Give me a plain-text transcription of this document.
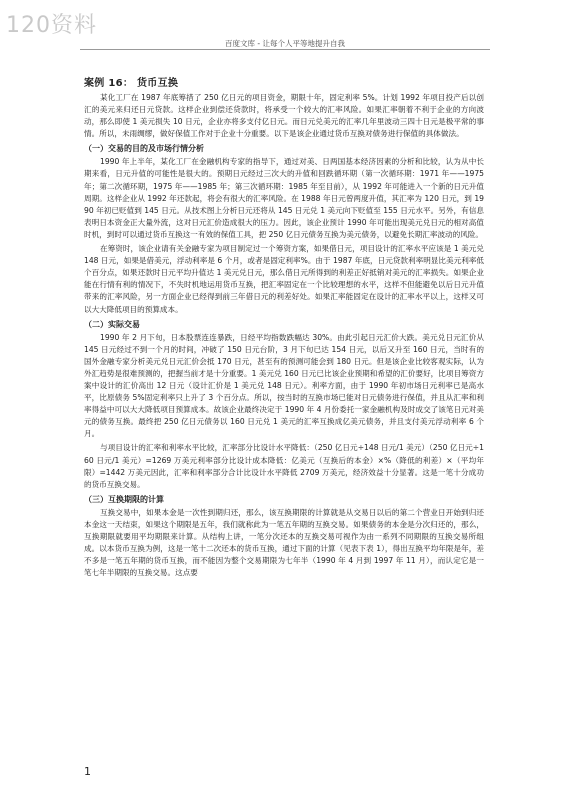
120资料
百度文库 - 让每个人平等地提升自我
案例 16： 货币互换

某化工厂在 1987 年底筹措了 250 亿日元的项目资金，期限十年，固定利率 5%。计划 1992 年项目投产后以创汇的美元来归还日元贷款。这样企业到偿还贷款时，将承受一个较大的汇率风险。如果汇率朝着不利于企业的方向波动，那么即使 1 美元损失 10 日元，企业亦将多支付亿日元。而日元兑美元的汇率几年里波动三四十日元是极平常的事情。所以，未雨绸缪，做好保值工作对于企业十分重要。以下是该企业通过货币互换对债务进行保值的具体做法。

（一）交易的目的及市场行情分析

1990 年上半年，某化工厂在金融机构专家的指导下，通过对美、日两国基本经济因素的分析和比较，认为从中长期来看，日元升值的可能性是很大的。预期日元经过三次大的升值和回跌循环期（第一次循环期：1971 年——1975 年；第二次循环期，1975 年——1985 年；第三次循环期：1985 年至目前），从 1992 年可能进入一个新的日元升值周期。这样企业从 1992 年还款起，将会有很大的汇率风险。在 1988 年日元曾两度升值，其汇率为 120 日元，到 1990 年初已贬值到 145 日元。从技术图上分析日元还将从 145 日元兑 1 美元向下贬值至 155 日元水平。另外，有信息表明日本资金正大量外流，这对日元汇价造成很大的压力。因此，该企业预计 1990 年可能出现美元兑日元的相对高值时机，到时可以通过货币互换这一有效的保值工具，把 250 亿日元债务互换为美元债务，以避免长期汇率波动的风险。

在筹资时，该企业请有关金融专家为项目制定过一个筹资方案，如果借日元，项目设计的汇率水平应该是 1 美元兑 148 日元，如果是借美元，浮动利率是 6 个月，或者是固定利率%。由于 1987 年底，日元贷款利率明显比美元利率低个百分点，如果还款时日元平均升值达 1 美元兑日元，那么借日元所得到的利差正好抵销对美元的汇率损失。如果企业能在行情有利的情况下，不失时机地运用货币互换，把汇率固定在一个比较理想的水平，这样不但能避免以后日元升值带来的汇率风险，另一方面企业已经得到前三年借日元的利差好处。如果汇率能固定在设计的汇率水平以上，这样又可以大大降低项目的预算成本。

（二）实际交易

1990 年 2 月下旬，日本股票连连暴跌，日经平均指数跌幅达 30%。由此引起日元汇价大跌。美元兑日元汇价从 145 日元经过不到一个月的时间，冲破了 150 日元台阶，3 月下旬已达 154 日元，以后又升至 160 日元，当时有的国外金融专家分析美元兑日元汇价会抵 170 日元，甚至有的预测可能会到 180 日元。但是该企业比较客观实际，认为外汇趋势是很难预测的，把握当前才是十分重要。1 美元兑 160 日元已比该企业预期和希望的汇价要好，比项目筹资方案中设计的汇价高出 12 日元（设计汇价是 1 美元兑 148 日元）。利率方面，由于 1990 年初市场日元利率已是高水平，比原债务 5%固定利率只上升了 3 个百分点。所以，按当时的互换市场已能对日元债务进行保值，并且从汇率和利率得益中可以大大降低项目预算成本。故该企业最终决定于 1990 年 4 月份委托一家金融机构及时成交了该笔日元对美元的债务互换。最终把 250 亿日元债务以 160 日元兑 1 美元的汇率互换成亿美元债务，并且支付美元浮动利率 6 个月。

与项目设计的汇率和利率水平比较，汇率部分比设计水平降低：（250 亿日元÷148 日元/1 美元）（250 亿日元÷160 日元/1 美元）=1269 万美元利率部分比设计成本降低：亿美元（互换后的本金）×%（降低的利差）×（平均年限）=1442 万美元因此，汇率和利率部分合计比设计水平降低 2709 万美元，经济效益十分显著。这是一笔十分成功的货币互换交易。

（三）互换期限的计算

互换交易中，如果本金是一次性到期归还，那么，该互换期限的计算就是从交易日以后的第二个营业日开始到归还本金这一天结束，如果这个期限是五年，我们就称此为一笔五年期的互换交易。如果债务的本金是分次归还的，那么，互换期限就要用平均期限来计算。从结构上讲，一笔分次还本的互换交易可视作为由一系列不同期限的互换交易所组成。以本货币互换为例，这是一笔十二次还本的货币互换，通过下面的计算（见表下表 1），得出互换平均年限是年，差不多是一笔五年期的货币互换，而不能因为整个交易期限为七年半（1990 年 4 月到 1997 年 11 月），而认定它是一笔七年半期限的互换交易。这点要

1
